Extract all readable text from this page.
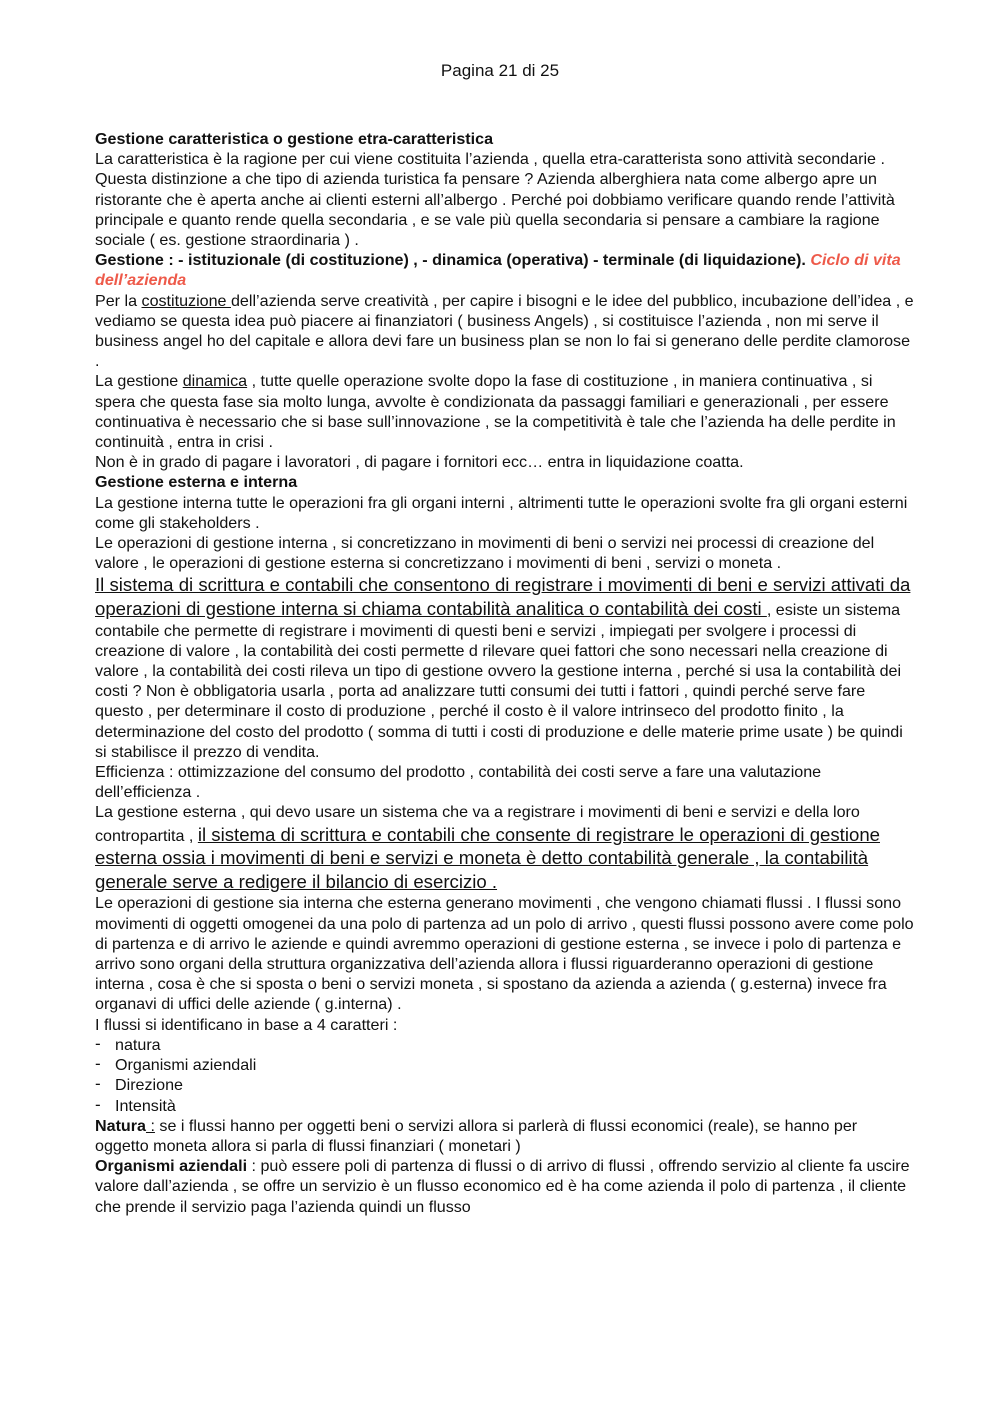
Pagina 21 di 25

Gestione caratteristica o gestione etra-caratteristica

La caratteristica è la ragione per cui viene costituita l’azienda , quella etra-caratterista sono attività secondarie . Questa distinzione a che tipo di azienda turistica fa pensare ? Azienda alberghiera nata come albergo apre un ristorante che è aperta anche ai clienti esterni all’albergo . Perché poi dobbiamo verificare quando rende l’attività principale e quanto rende quella secondaria , e se vale più quella secondaria si pensare a cambiare la ragione sociale ( es. gestione straordinaria ) .

Gestione : - istituzionale (di costituzione) , - dinamica (operativa) - terminale (di liquidazione). Ciclo di vita dell’azienda

Per la costituzione dell’azienda serve creatività , per capire i bisogni e le idee del pubblico, incubazione dell’idea , e vediamo se questa idea può piacere ai finanziatori ( business Angels) , si costituisce l’azienda , non mi serve il business angel ho del capitale e allora devi fare un business plan se non lo fai si generano delle perdite clamorose .

La gestione dinamica , tutte quelle operazione svolte dopo la fase di costituzione , in maniera continuativa , si spera che questa fase sia molto lunga, avvolte è condizionata da passaggi familiari e generazionali , per essere continuativa è necessario che si base sull’innovazione , se la competitività è tale che l’azienda ha delle perdite in continuità , entra in crisi .

Non è in grado di pagare i lavoratori , di pagare i fornitori ecc… entra in liquidazione coatta.

Gestione esterna e interna

La gestione interna tutte le operazioni fra gli organi interni , altrimenti tutte le operazioni svolte fra gli organi esterni come gli stakeholders .

Le operazioni di gestione interna , si concretizzano in movimenti di beni o servizi nei processi di creazione del valore , le operazioni di gestione esterna si concretizzano i movimenti di beni , servizi o moneta .

Il sistema di scrittura e contabili che consentono di registrare i movimenti di beni e servizi attivati da operazioni di gestione interna si chiama contabilità analitica o contabilità dei costi , esiste un sistema contabile che permette di registrare i movimenti di questi beni e servizi , impiegati per svolgere i processi di creazione di valore , la contabilità dei costi permette d rilevare quei fattori che sono necessari nella creazione di valore , la contabilità dei costi rileva un tipo di gestione ovvero la gestione interna , perché si usa la contabilità dei costi ? Non è obbligatoria usarla , porta ad analizzare tutti consumi dei tutti i fattori , quindi perché serve fare questo , per determinare il costo di produzione , perché il costo è il valore intrinseco del prodotto finito , la determinazione del costo del prodotto ( somma di tutti i costi di produzione e delle materie prime usate ) be quindi si stabilisce il prezzo di vendita.

Efficienza : ottimizzazione del consumo del prodotto , contabilità dei costi serve a fare una valutazione dell’efficienza .

La gestione esterna , qui devo usare un sistema che va a registrare i movimenti di beni e servizi e della loro contropartita , il sistema di scrittura e contabili che consente di registrare le operazioni di gestione esterna ossia i movimenti di beni e servizi e moneta è detto contabilità generale , la contabilità generale serve a redigere il bilancio di esercizio .

Le operazioni di gestione sia interna che esterna generano movimenti , che vengono chiamati flussi . I flussi sono movimenti di oggetti omogenei da una polo di partenza ad un polo di arrivo , questi flussi possono avere come polo di partenza e di arrivo le aziende e quindi avremmo operazioni di gestione esterna , se invece i polo di partenza e arrivo sono organi della struttura organizzativa dell’azienda allora i flussi riguarderanno operazioni di gestione interna , cosa è che si sposta o beni o servizi moneta , si spostano da azienda a azienda ( g.esterna) invece fra organavi di uffici delle aziende ( g.interna) .

I flussi si identificano in base a 4 caratteri :

- natura
- Organismi aziendali
- Direzione
- Intensità

Natura : se i flussi hanno per oggetti beni o servizi allora si parlerà di flussi economici (reale), se hanno per oggetto moneta allora si parla di flussi finanziari ( monetari )

Organismi aziendali : può essere poli di partenza di flussi o di arrivo di flussi , offrendo servizio al cliente fa uscire valore dall’azienda , se offre un servizio è un flusso economico ed è ha come azienda il polo di partenza , il cliente che prende il servizio paga l’azienda quindi un flusso
